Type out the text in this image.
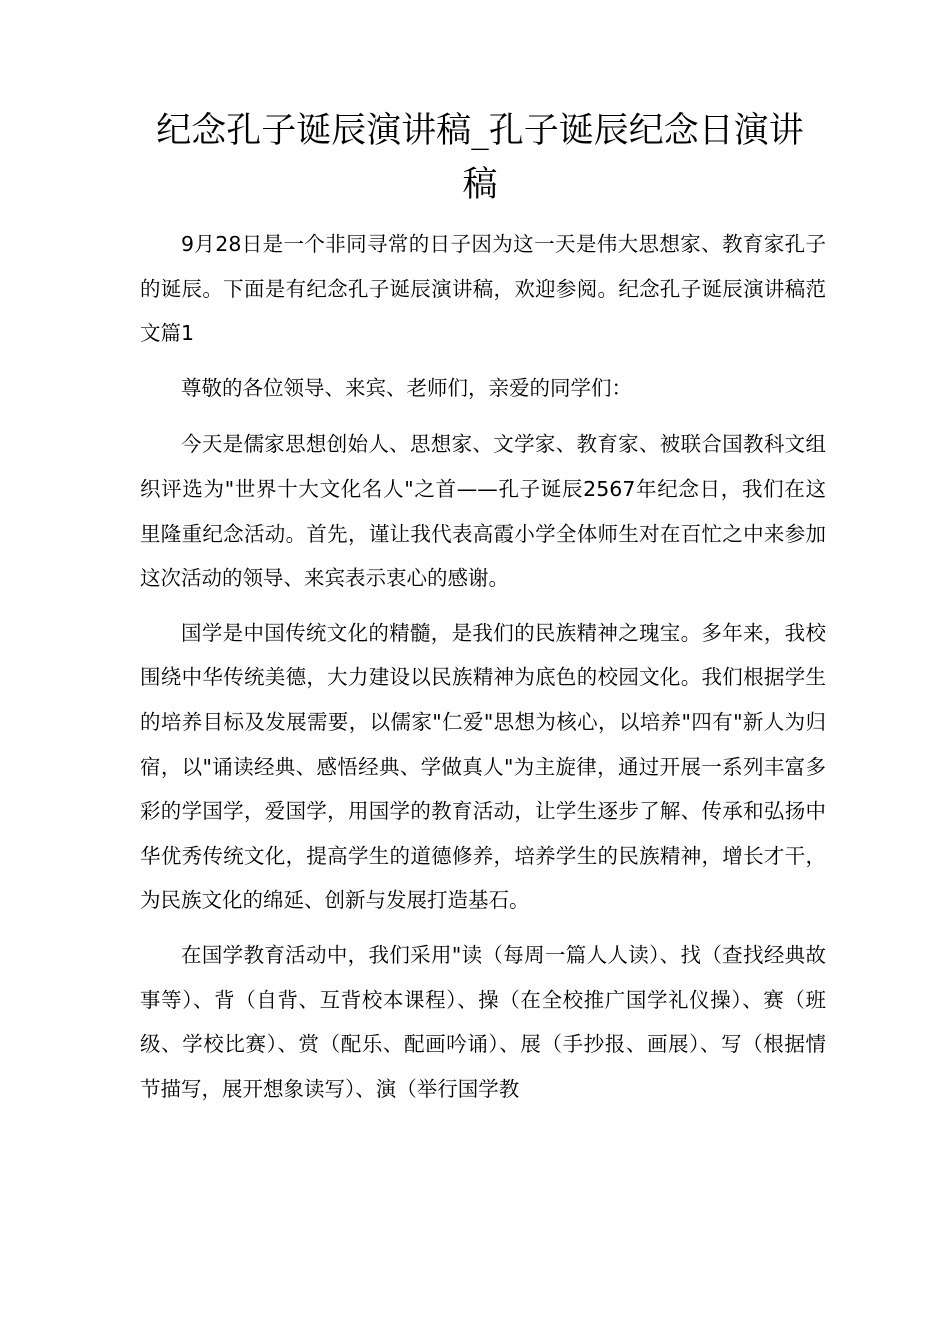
纪念孔子诞辰演讲稿_孔子诞辰纪念日演讲稿

9月28日是一个非同寻常的日子因为这一天是伟大思想家、教育家孔子的诞辰。下面是有纪念孔子诞辰演讲稿，欢迎参阅。纪念孔子诞辰演讲稿范文篇1

尊敬的各位领导、来宾、老师们，亲爱的同学们：

今天是儒家思想创始人、思想家、文学家、教育家、被联合国教科文组织评选为"世界十大文化名人"之首——孔子诞辰2567年纪念日，我们在这里隆重纪念活动。首先，谨让我代表高霞小学全体师生对在百忙之中来参加这次活动的领导、来宾表示衷心的感谢。

国学是中国传统文化的精髓，是我们的民族精神之瑰宝。多年来，我校围绕中华传统美德，大力建设以民族精神为底色的校园文化。我们根据学生的培养目标及发展需要，以儒家"仁爱"思想为核心，以培养"四有"新人为归宿，以"诵读经典、感悟经典、学做真人"为主旋律，通过开展一系列丰富多彩的学国学，爱国学，用国学的教育活动，让学生逐步了解、传承和弘扬中华优秀传统文化，提高学生的道德修养，培养学生的民族精神，增长才干，为民族文化的绵延、创新与发展打造基石。

在国学教育活动中，我们采用"读（每周一篇人人读）、找（查找经典故事等）、背（自背、互背校本课程）、操（在全校推广国学礼仪操）、赛（班级、学校比赛）、赏（配乐、配画吟诵）、展（手抄报、画展）、写（根据情节描写，展开想象读写）、演（举行国学教
